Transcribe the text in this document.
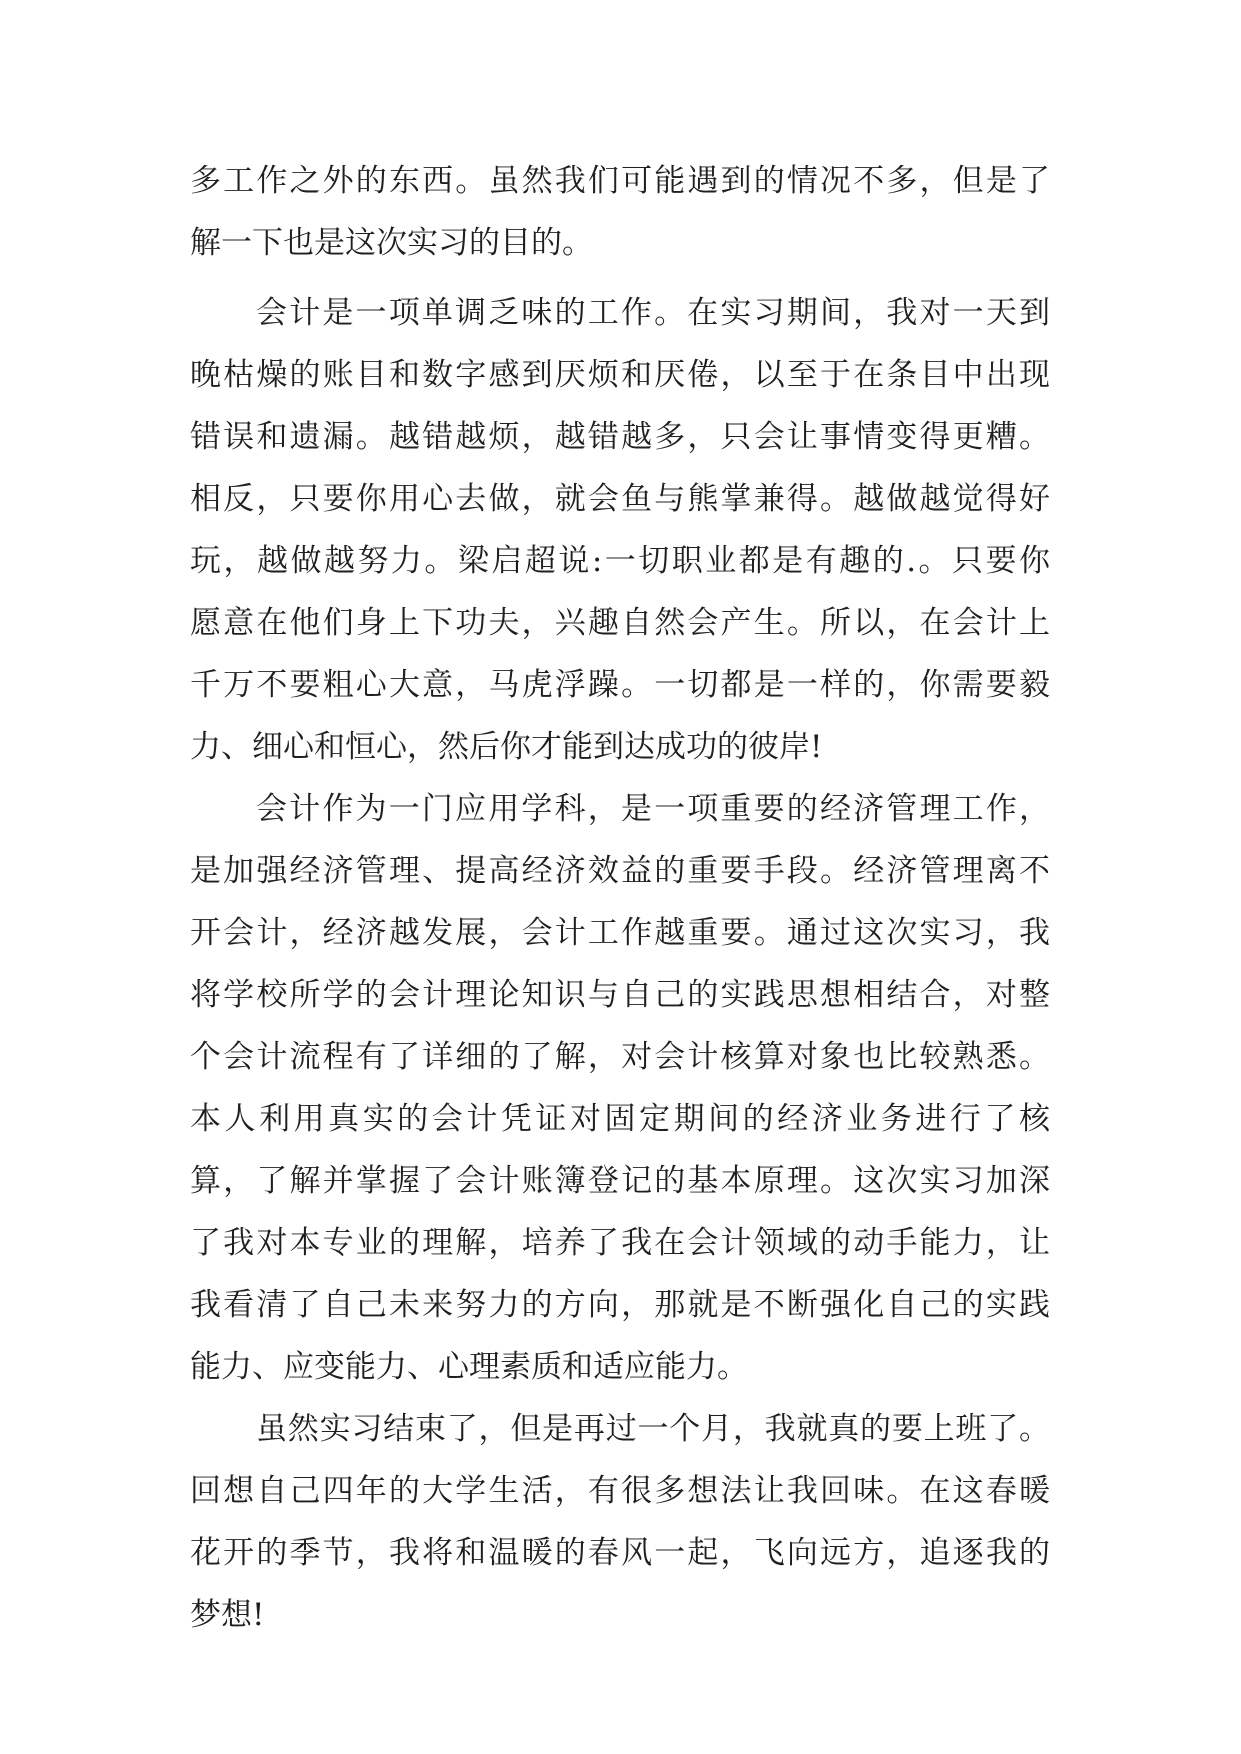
多工作之外的东西。虽然我们可能遇到的情况不多，但是了
解一下也是这次实习的目的。
会计是一项单调乏味的工作。在实习期间，我对一天到
晚枯燥的账目和数字感到厌烦和厌倦，以至于在条目中出现
错误和遗漏。越错越烦，越错越多，只会让事情变得更糟。
相反，只要你用心去做，就会鱼与熊掌兼得。越做越觉得好
玩，越做越努力。梁启超说:一切职业都是有趣的.。只要你
愿意在他们身上下功夫，兴趣自然会产生。所以，在会计上
千万不要粗心大意，马虎浮躁。一切都是一样的，你需要毅
力、细心和恒心，然后你才能到达成功的彼岸!
会计作为一门应用学科，是一项重要的经济管理工作，
是加强经济管理、提高经济效益的重要手段。经济管理离不
开会计，经济越发展，会计工作越重要。通过这次实习，我
将学校所学的会计理论知识与自己的实践思想相结合，对整
个会计流程有了详细的了解，对会计核算对象也比较熟悉。
本人利用真实的会计凭证对固定期间的经济业务进行了核
算，了解并掌握了会计账簿登记的基本原理。这次实习加深
了我对本专业的理解，培养了我在会计领域的动手能力，让
我看清了自己未来努力的方向，那就是不断强化自己的实践
能力、应变能力、心理素质和适应能力。
虽然实习结束了，但是再过一个月，我就真的要上班了。
回想自己四年的大学生活，有很多想法让我回味。在这春暖
花开的季节，我将和温暖的春风一起，飞向远方，追逐我的
梦想!
